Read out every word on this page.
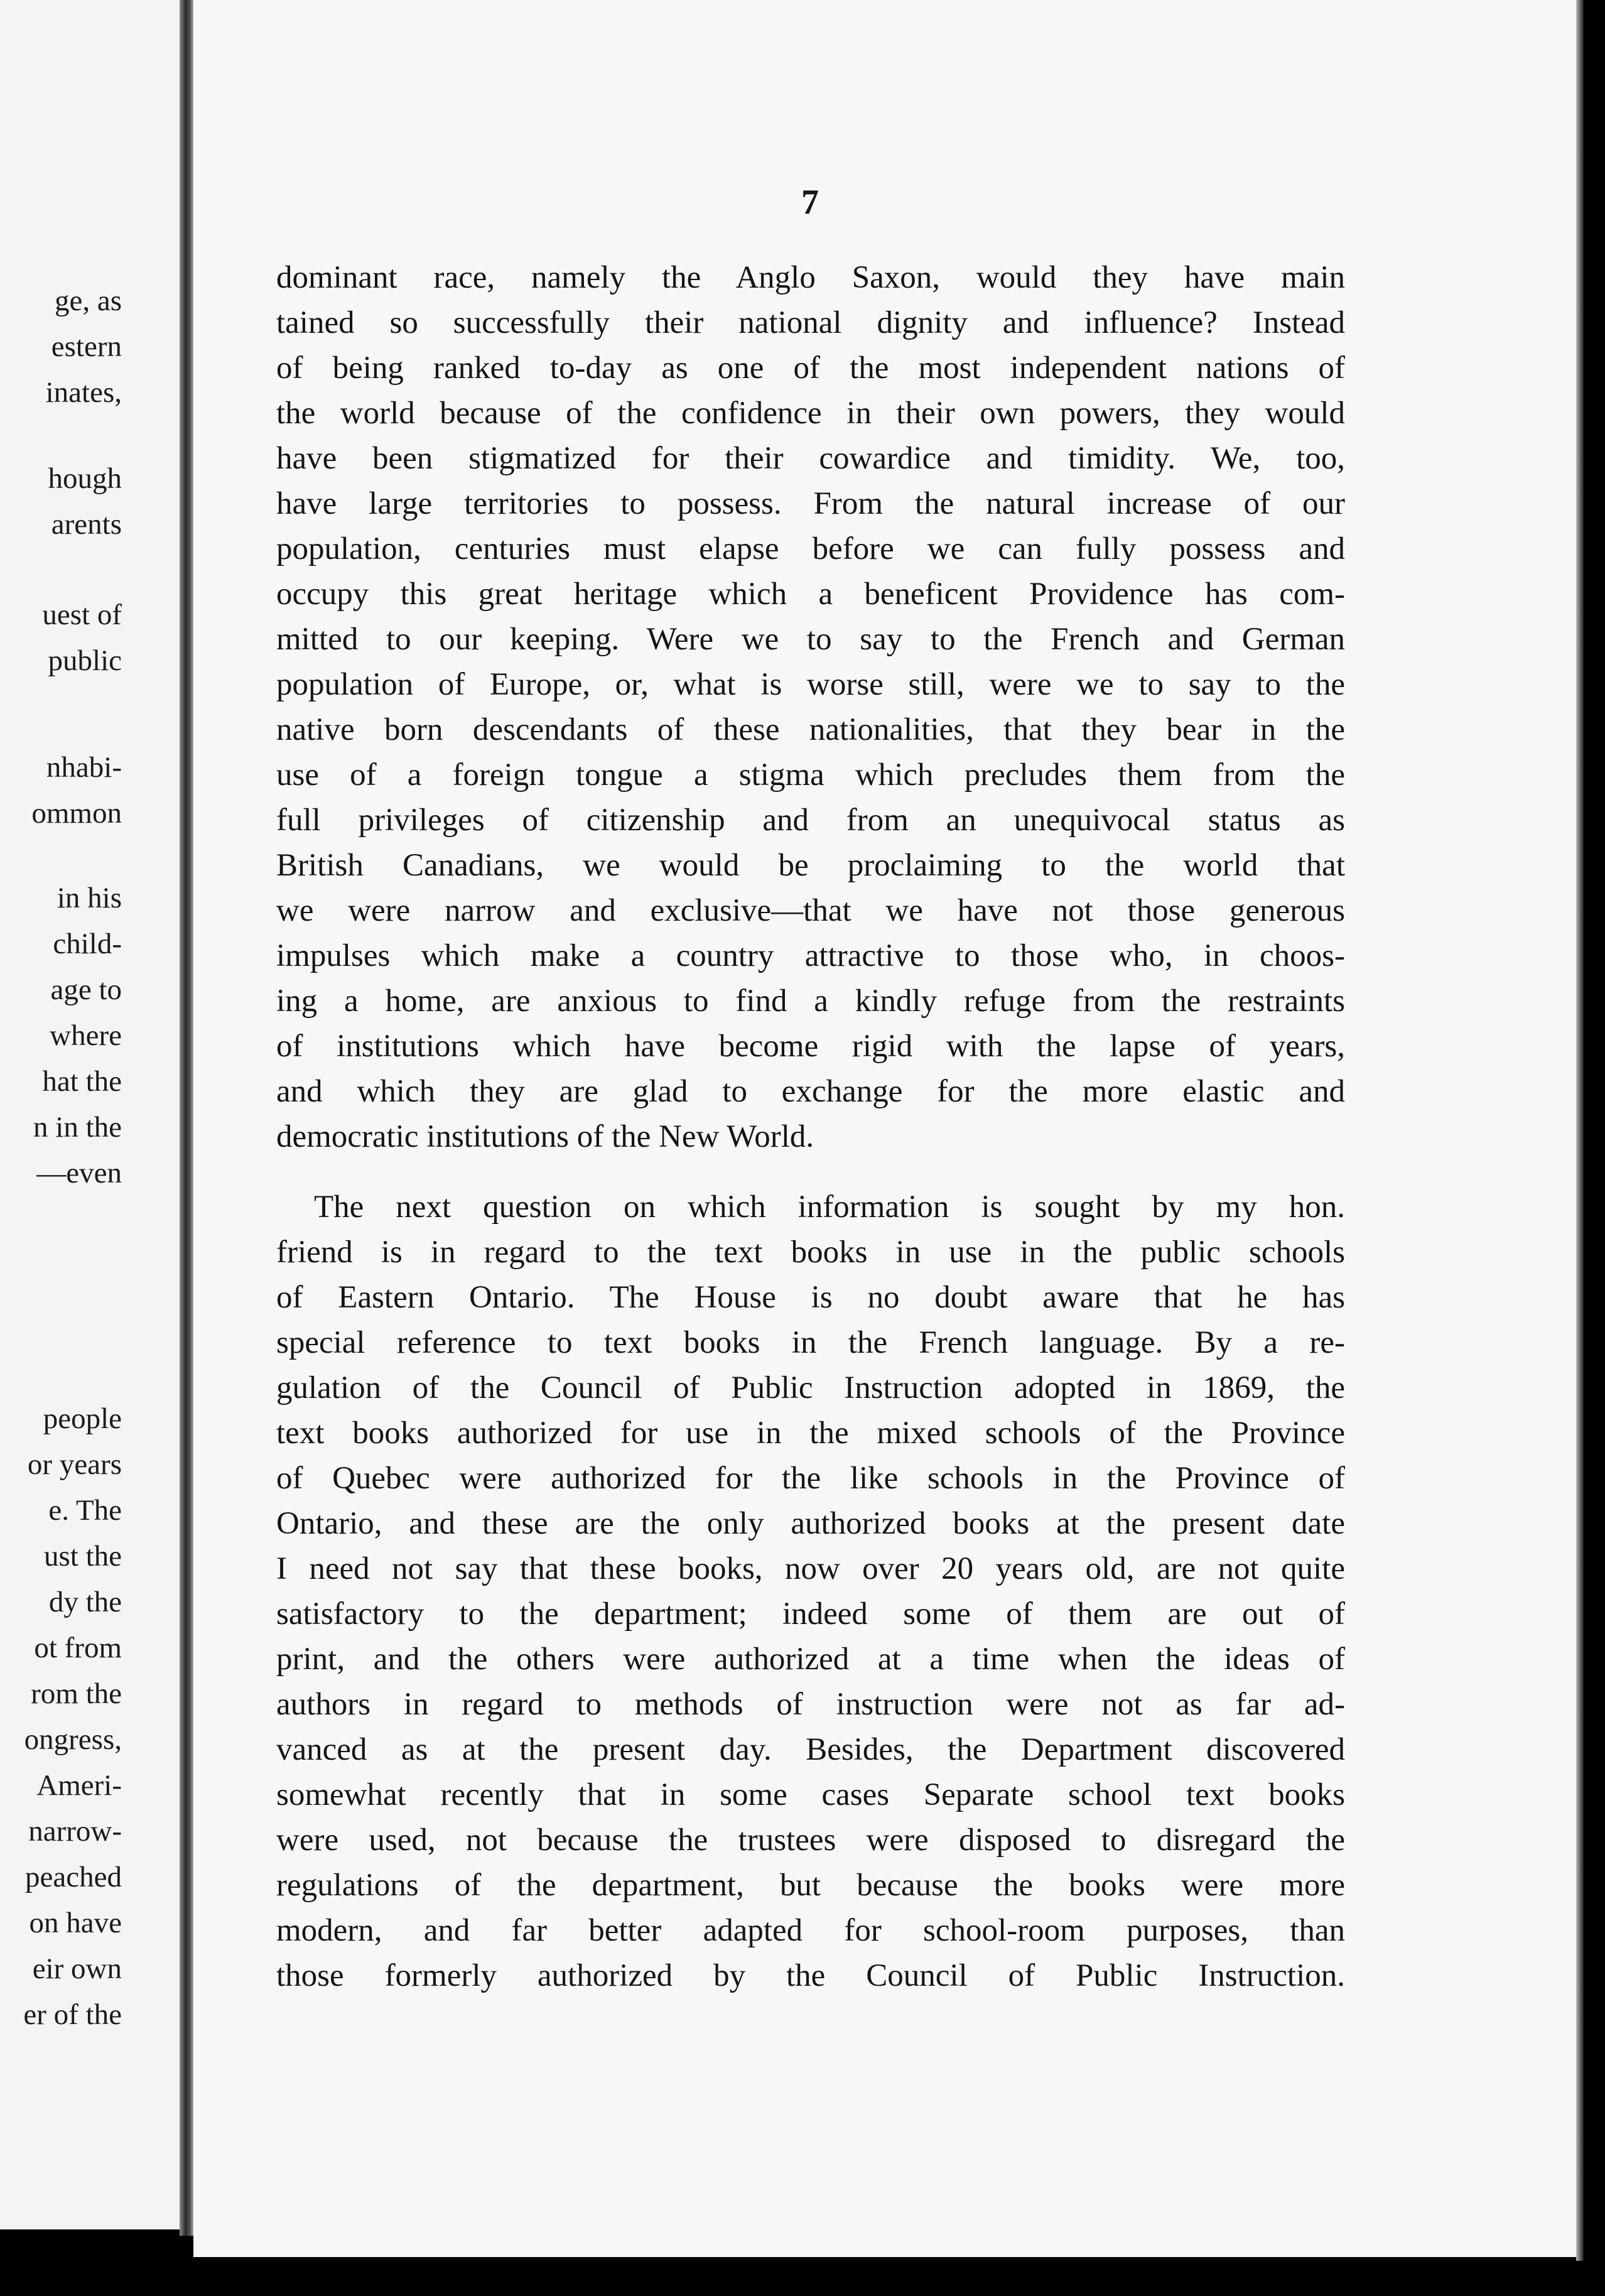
ge, as
estern
inates,
hough
arents
uest of
public
nhabi-
ommon
in his
child-
age to
where
hat the
n in the
—even
people
or years
e. The
ust the
dy the
ot from
rom the
ongress,
Ameri-
narrow-
peached
on have
eir own
er of the
7
dominant race, namely the Anglo Saxon, would they have main
tained so successfully their national dignity and influence? Instead
of being ranked to-day as one of the most independent nations of
the world because of the confidence in their own powers, they would
have been stigmatized for their cowardice and timidity. We, too,
have large territories to possess. From the natural increase of our
population, centuries must elapse before we can fully possess and
occupy this great heritage which a beneficent Providence has com-
mitted to our keeping. Were we to say to the French and German
population of Europe, or, what is worse still, were we to say to the
native born descendants of these nationalities, that they bear in the
use of a foreign tongue a stigma which precludes them from the
full privileges of citizenship and from an unequivocal status as
British Canadians, we would be proclaiming to the world that
we were narrow and exclusive—that we have not those generous
impulses which make a country attractive to those who, in choos-
ing a home, are anxious to find a kindly refuge from the restraints
of institutions which have become rigid with the lapse of years,
and which they are glad to exchange for the more elastic and
democratic institutions of the New World.
The next question on which information is sought by my hon.
friend is in regard to the text books in use in the public schools
of Eastern Ontario. The House is no doubt aware that he has
special reference to text books in the French language. By a re-
gulation of the Council of Public Instruction adopted in 1869, the
text books authorized for use in the mixed schools of the Province
of Quebec were authorized for the like schools in the Province of
Ontario, and these are the only authorized books at the present date
I need not say that these books, now over 20 years old, are not quite
satisfactory to the department; indeed some of them are out of
print, and the others were authorized at a time when the ideas of
authors in regard to methods of instruction were not as far ad-
vanced as at the present day. Besides, the Department discovered
somewhat recently that in some cases Separate school text books
were used, not because the trustees were disposed to disregard the
regulations of the department, but because the books were more
modern, and far better adapted for school-room purposes, than
those formerly authorized by the Council of Public Instruction.
